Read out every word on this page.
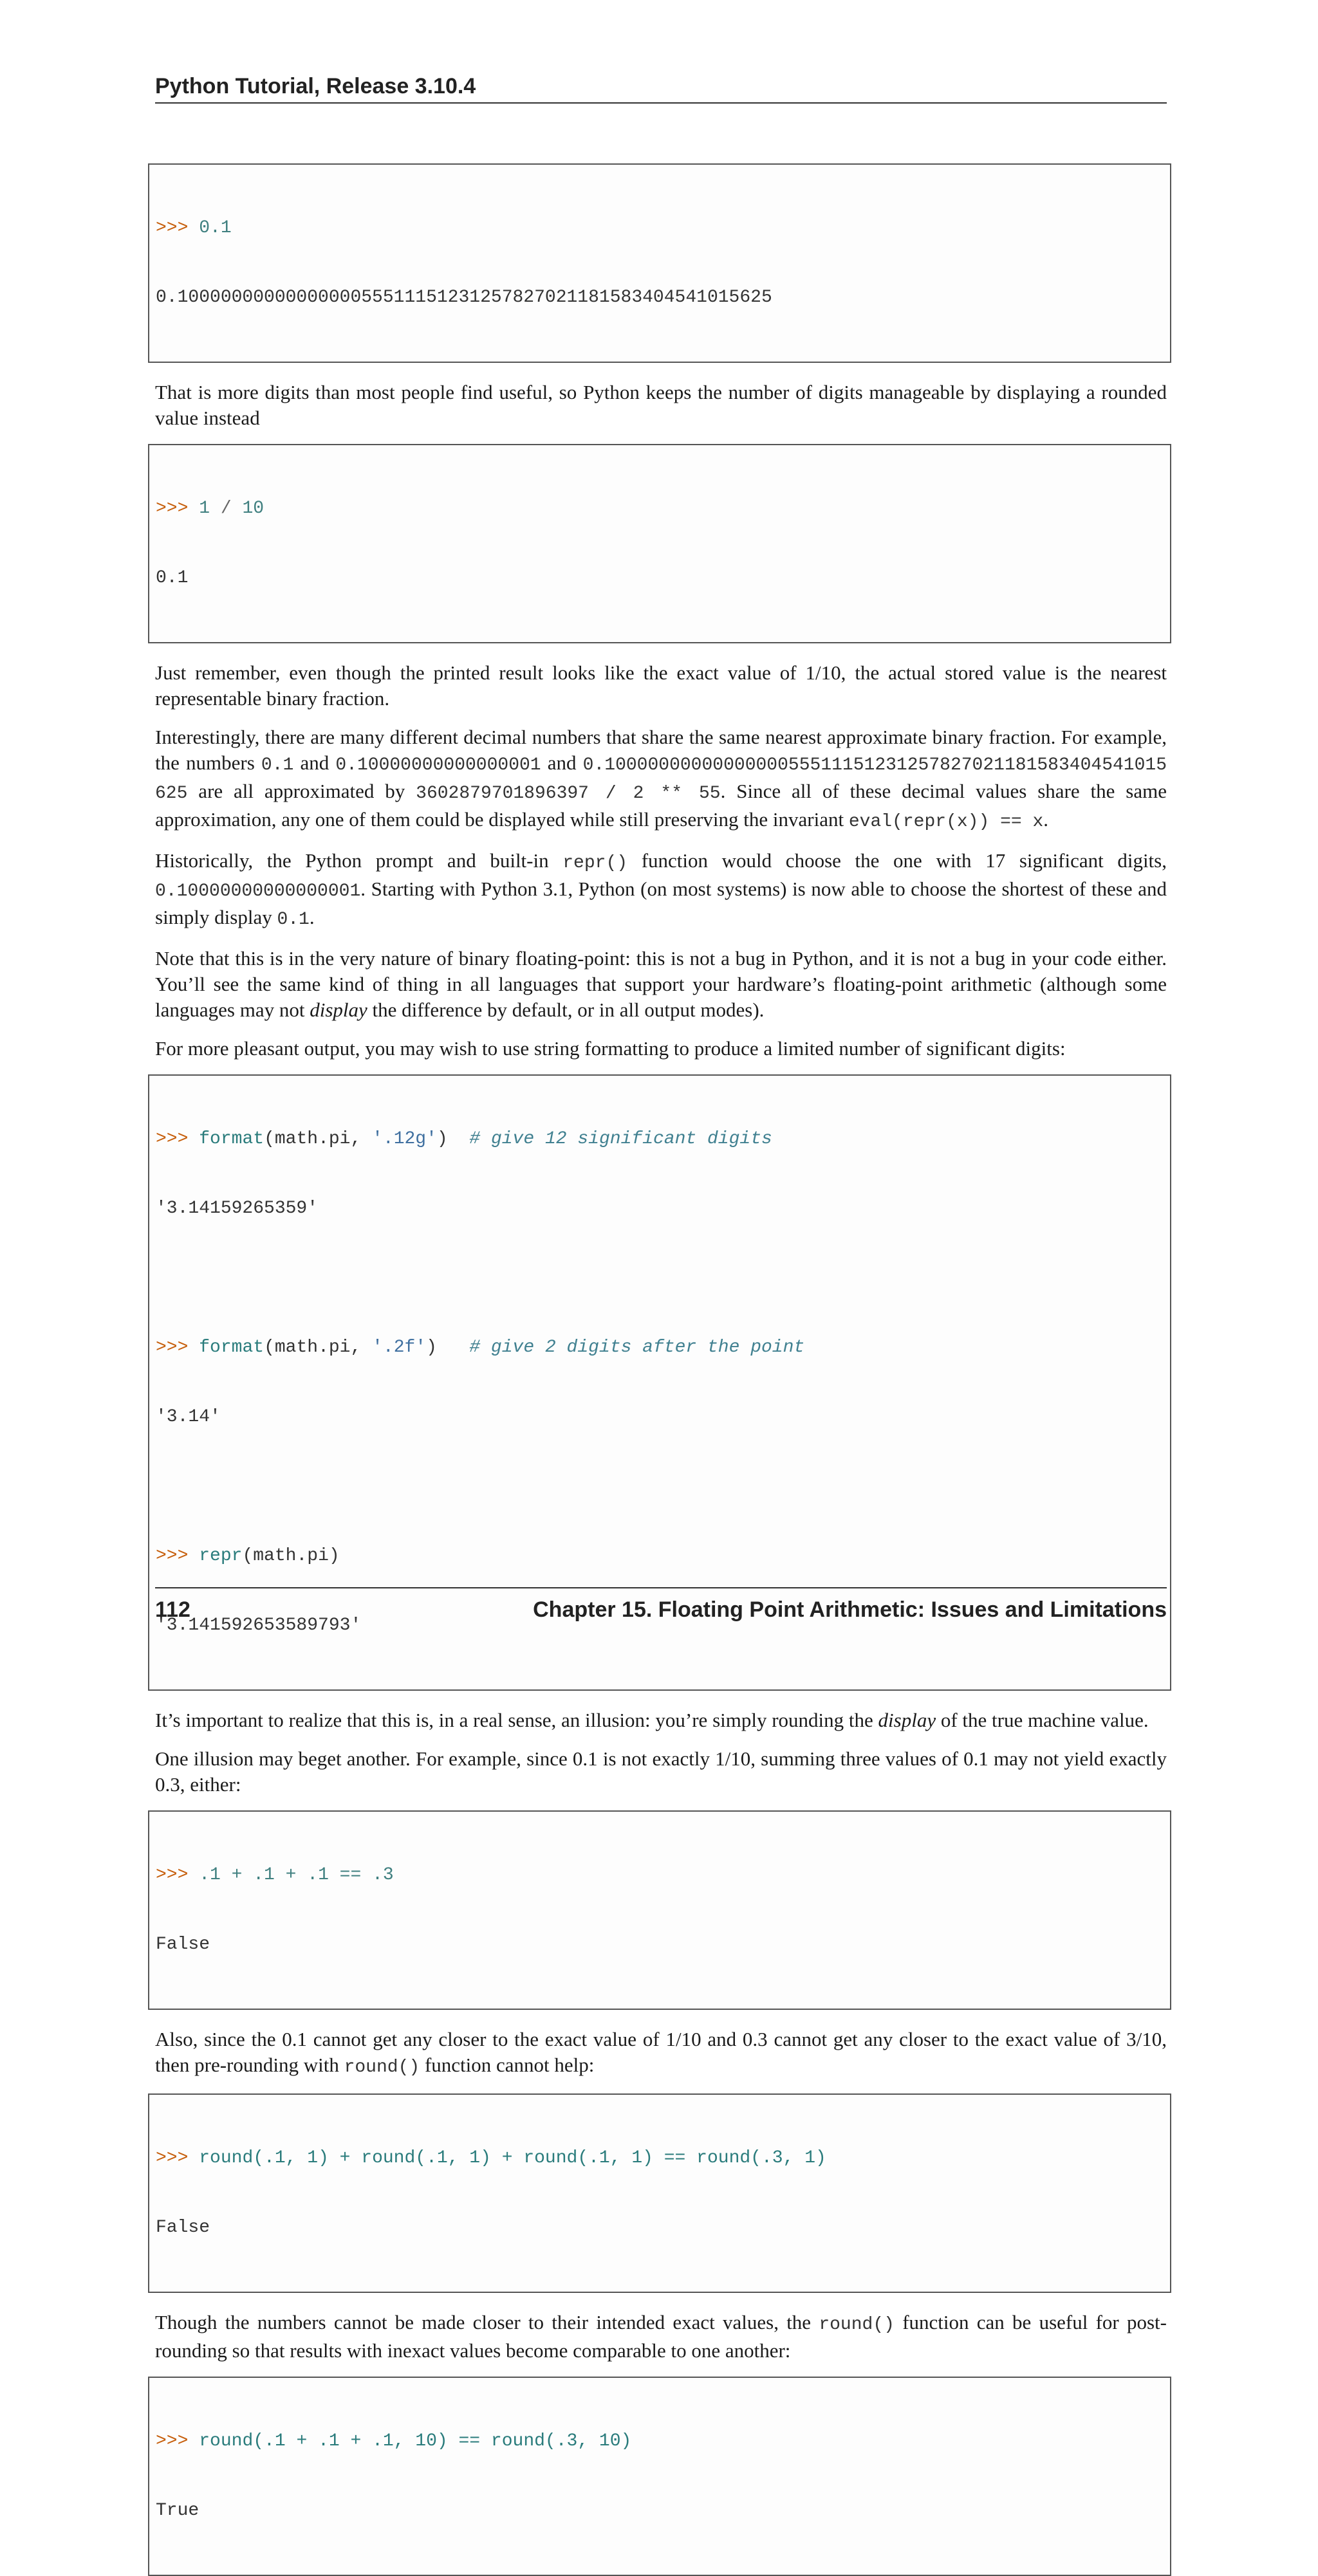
Python Tutorial, Release 3.10.4

>>> 0.1

0.1000000000000000055511151231257827021181583404541015625

That is more digits than most people find useful, so Python keeps the number of digits manageable by displaying a rounded value instead

>>> 1 / 10

0.1

Just remember, even though the printed result looks like the exact value of 1/10, the actual stored value is the nearest representable binary fraction.

Interestingly, there are many different decimal numbers that share the same nearest approximate binary fraction. For example, the numbers 0.1 and 0.10000000000000001 and 0.1000000000000000055511151231257827021181583404541015625 are all approximated by 3602879701896397 / 2 ** 55. Since all of these decimal values share the same approximation, any one of them could be displayed while still preserving the invariant eval(repr(x)) == x.

Historically, the Python prompt and built-in repr() function would choose the one with 17 significant digits, 0.10000000000000001. Starting with Python 3.1, Python (on most systems) is now able to choose the shortest of these and simply display 0.1.

Note that this is in the very nature of binary floating-point: this is not a bug in Python, and it is not a bug in your code either. You’ll see the same kind of thing in all languages that support your hardware’s floating-point arithmetic (although some languages may not display the difference by default, or in all output modes).

For more pleasant output, you may wish to use string formatting to produce a limited number of significant digits:

>>> format(math.pi, '.12g')  # give 12 significant digits

'3.14159265359'

>>> format(math.pi, '.2f')   # give 2 digits after the point

'3.14'

>>> repr(math.pi)

'3.141592653589793'

It’s important to realize that this is, in a real sense, an illusion: you’re simply rounding the display of the true machine value.

One illusion may beget another. For example, since 0.1 is not exactly 1/10, summing three values of 0.1 may not yield exactly 0.3, either:

>>> .1 + .1 + .1 == .3

False

Also, since the 0.1 cannot get any closer to the exact value of 1/10 and 0.3 cannot get any closer to the exact value of 3/10, then pre-rounding with round() function cannot help:

>>> round(.1, 1) + round(.1, 1) + round(.1, 1) == round(.3, 1)

False

Though the numbers cannot be made closer to their intended exact values, the round() function can be useful for post-rounding so that results with inexact values become comparable to one another:

>>> round(.1 + .1 + .1, 10) == round(.3, 10)

True

112	Chapter 15. Floating Point Arithmetic: Issues and Limitations
